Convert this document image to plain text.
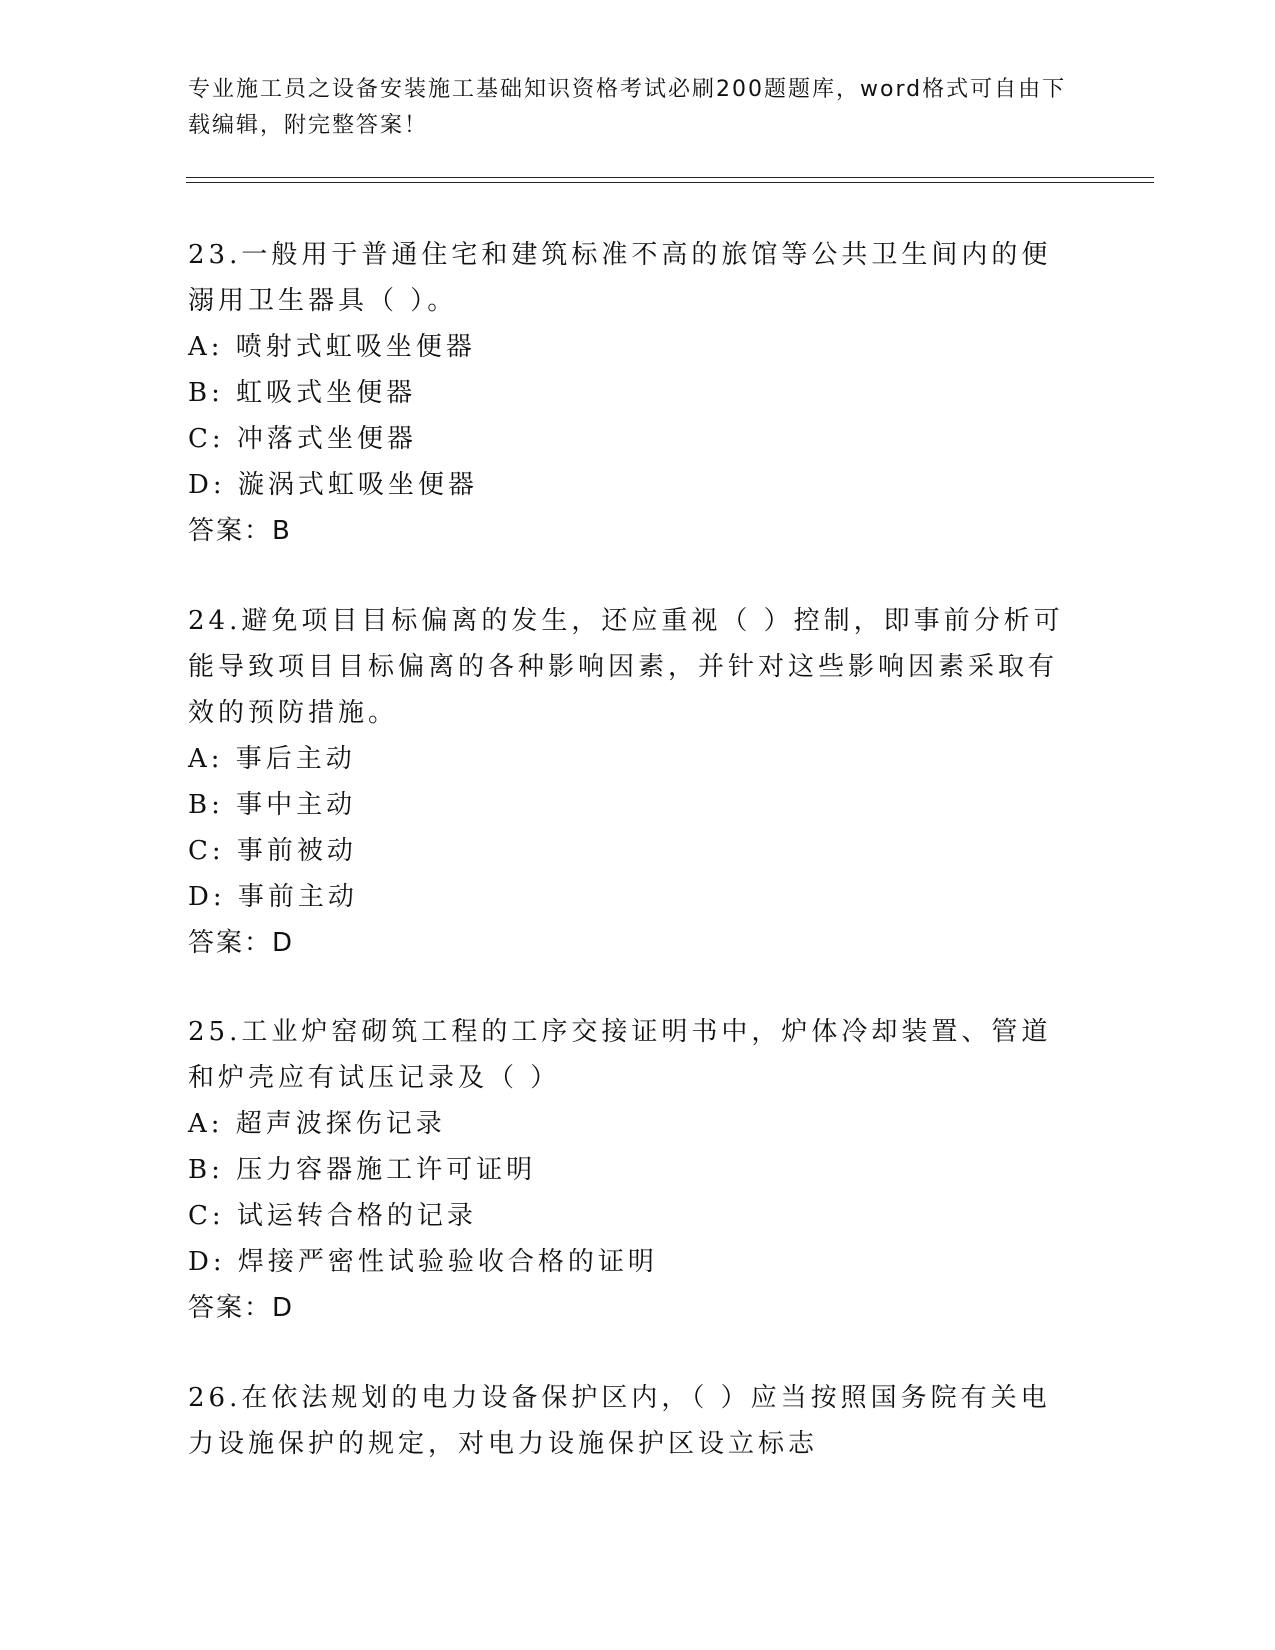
专业施工员之设备安装施工基础知识资格考试必刷200题题库，word格式可自由下载编辑，附完整答案！

23.一般用于普通住宅和建筑标准不高的旅馆等公共卫生间内的便溺用卫生器具（ ）。

A: 喷射式虹吸坐便器

B: 虹吸式坐便器

C: 冲落式坐便器

D: 漩涡式虹吸坐便器

答案：B

24.避免项目目标偏离的发生，还应重视（ ）控制，即事前分析可能导致项目目标偏离的各种影响因素，并针对这些影响因素采取有效的预防措施。

A: 事后主动

B: 事中主动

C: 事前被动

D: 事前主动

答案：D

25.工业炉窑砌筑工程的工序交接证明书中，炉体冷却装置、管道和炉壳应有试压记录及（ ）

A: 超声波探伤记录

B: 压力容器施工许可证明

C: 试运转合格的记录

D: 焊接严密性试验验收合格的证明

答案：D

26.在依法规划的电力设备保护区内，（ ）应当按照国务院有关电力设施保护的规定，对电力设施保护区设立标志
